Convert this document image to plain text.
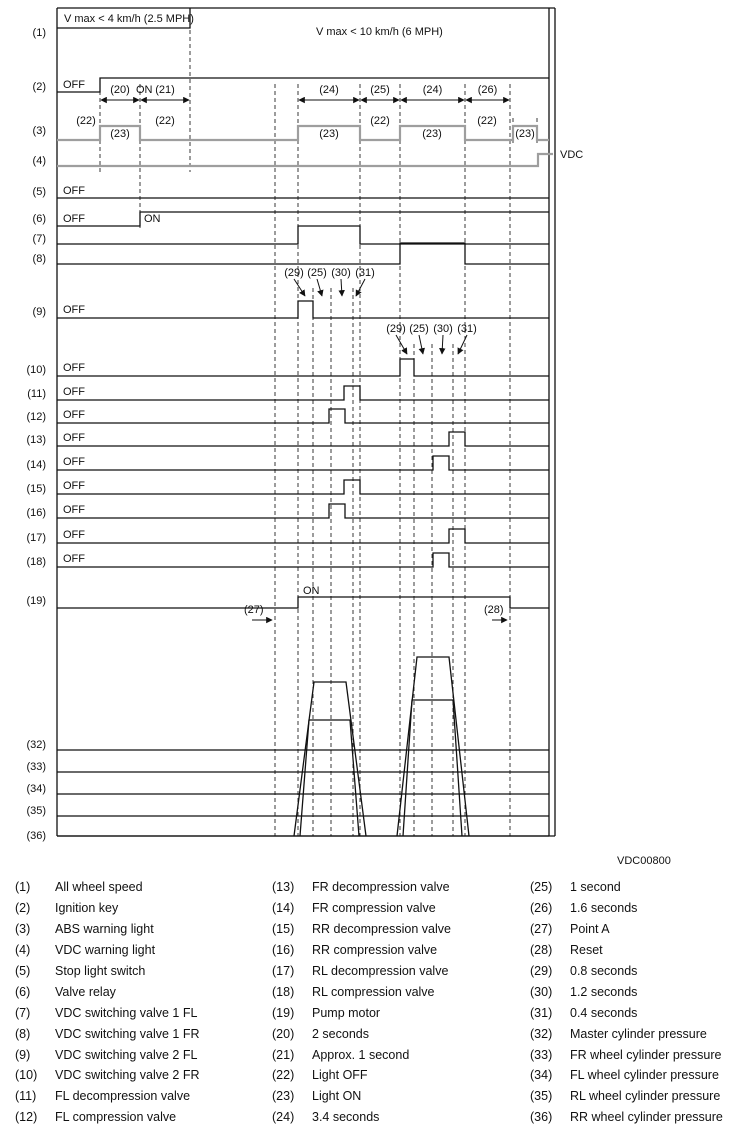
(1)
(2)
(3)
(4)
(5)
(6)
(7)
(8)
(9)
(10)
(11)
(12)
(13)
(14)
(15)
(16)
(17)
(18)
(19)
(32)
(33)
(34)
(35)
(36)
V max < 4 km/h (2.5 MPH)
V max < 10 km/h (6 MPH)
OFF	ON
(22)
(23)
(22)
(23)
(22)
(23)
(22)
(23)
OFF
OFF	ON
OFF
OFF
OFF
OFF
OFF
OFF
OFF
OFF
OFF
OFF
ON
VDC
VDC00800
(20) (21)	(24)	(25)	(24)	(26)
(29) (25) (30) (31)
(29) (25) (30) (31)
(27)	(28)
(1)	All wheel speed
(2)	Ignition key
(3)	ABS warning light
(4)	VDC warning light
(5)	Stop light switch
(6)	Valve relay
(7)	VDC switching valve 1 FL
(8)	VDC switching valve 1 FR
(9)	VDC switching valve 2 FL
(10)	VDC switching valve 2 FR
(11)	FL decompression valve
(12)	FL compression valve
(13)	FR decompression valve
(14)	FR compression valve
(15)	RR decompression valve
(16)	RR compression valve
(17)	RL decompression valve
(18)	RL compression valve
(19)	Pump motor
(20)	2 seconds
(21)	Approx. 1 second
(22)	Light OFF
(23)	Light ON
(24)	3.4 seconds
(25)	1 second
(26)	1.6 seconds
(27)	Point A
(28)	Reset
(29)	0.8 seconds
(30)	1.2 seconds
(31)	0.4 seconds
(32)	Master cylinder pressure
(33)	FR wheel cylinder pressure
(34)	FL wheel cylinder pressure
(35)	RL wheel cylinder pressure
(36)	RR wheel cylinder pressure
